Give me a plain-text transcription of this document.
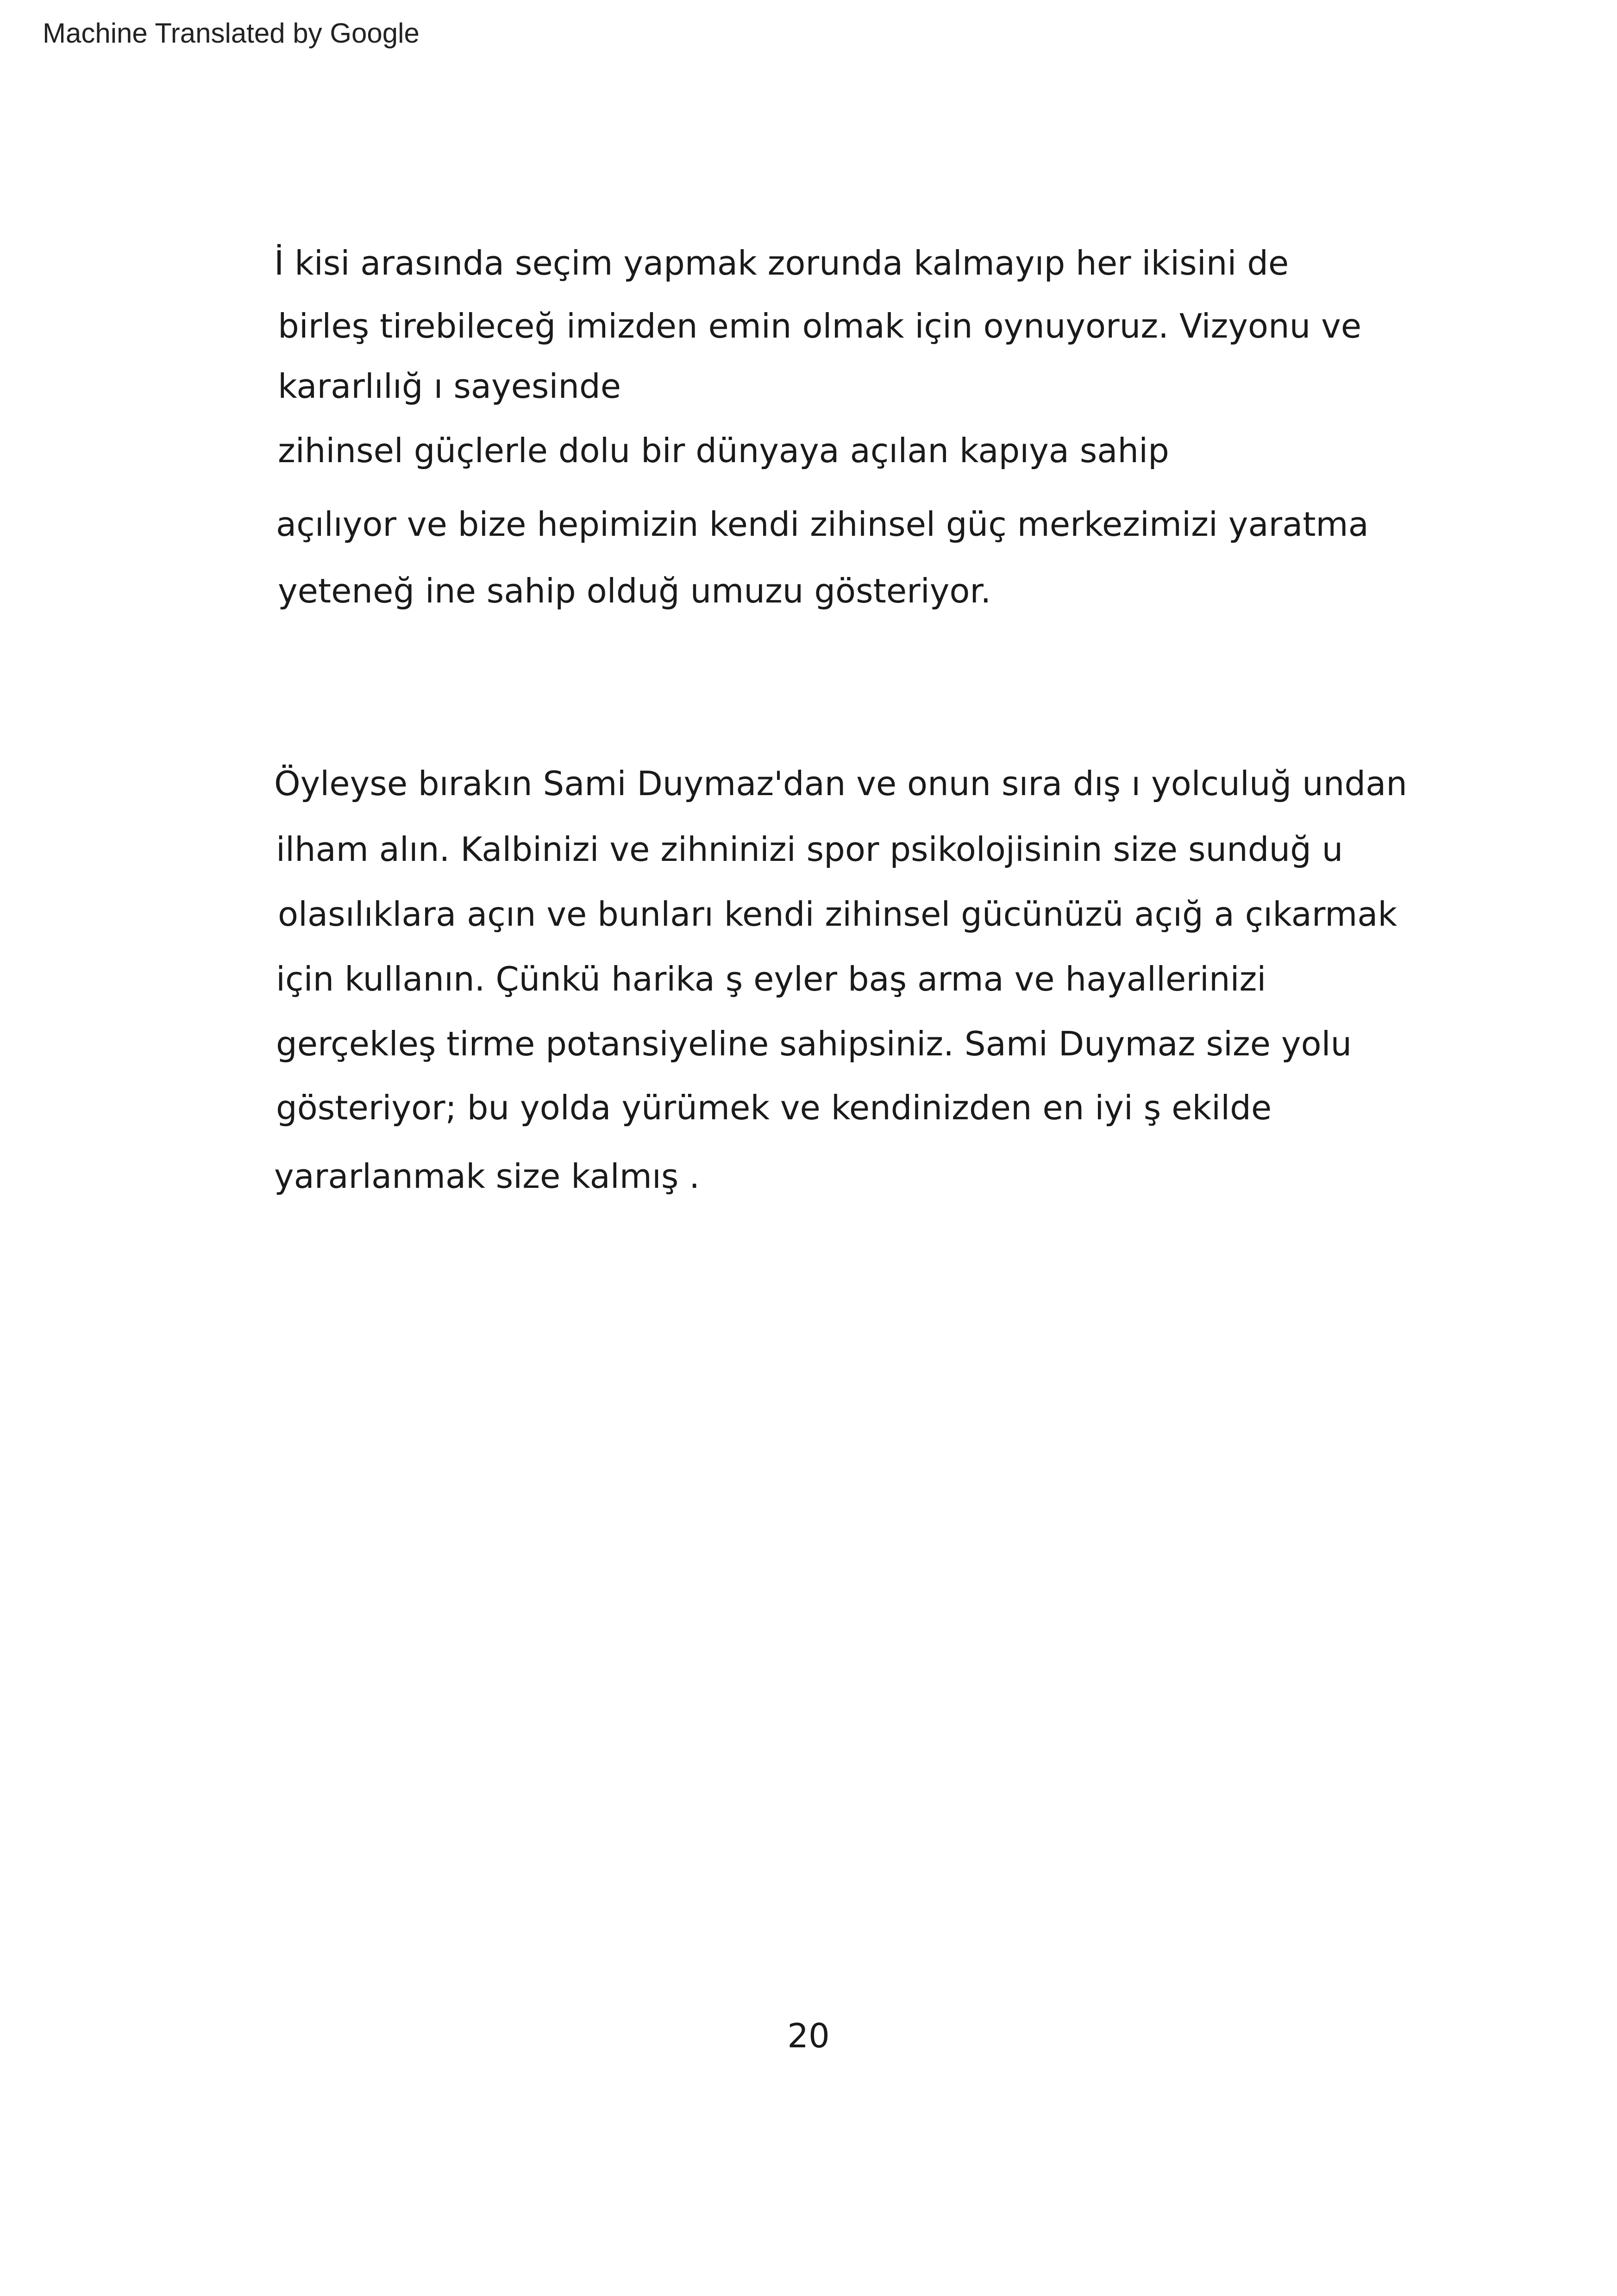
Machine Translated by Google
İ kisi arasında seçim yapmak zorunda kalmayıp her ikisini de
birleş tirebileceğ imizden emin olmak için oynuyoruz. Vizyonu ve
kararlılığ ı sayesinde
zihinsel güçlerle dolu bir dünyaya açılan kapıya sahip
açılıyor ve bize hepimizin kendi zihinsel güç merkezimizi yaratma
yeteneğ ine sahip olduğ umuzu gösteriyor.
Öyleyse bırakın Sami Duymaz'dan ve onun sıra dış ı yolculuğ undan
ilham alın. Kalbinizi ve zihninizi spor psikolojisinin size sunduğ u
olasılıklara açın ve bunları kendi zihinsel gücünüzü açığ a çıkarmak
için kullanın. Çünkü harika ş eyler baş arma ve hayallerinizi
gerçekleş tirme potansiyeline sahipsiniz. Sami Duymaz size yolu
gösteriyor; bu yolda yürümek ve kendinizden en iyi ş ekilde
yararlanmak size kalmış .
20
